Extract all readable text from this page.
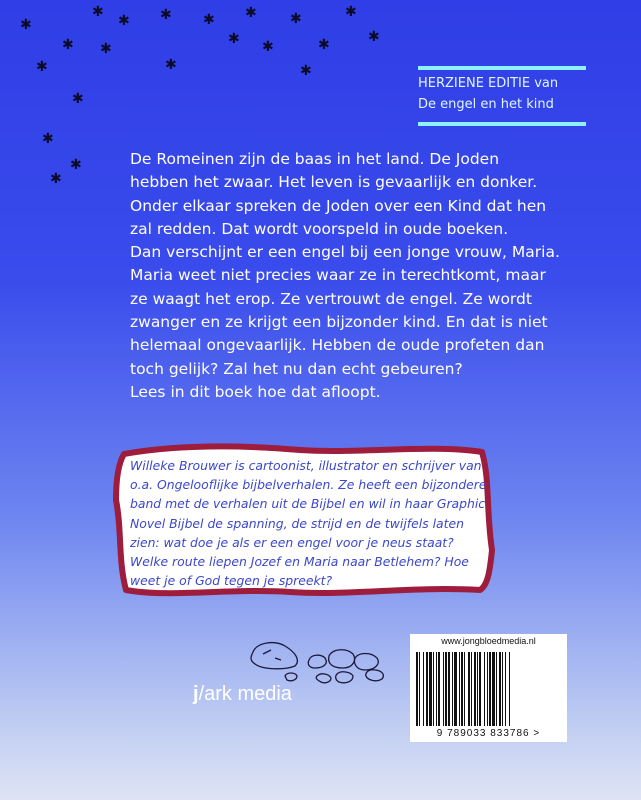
✱
✱	✱ ✱ ✱ ✱ ✱	✱
✱ ✱
✱ ✱	✱	✱
✱	✱	✱
✱
✱
✱
✱
HERZIENE EDITIE van
De engel en het kind

De Romeinen zijn de baas in het land. De Joden hebben het zwaar. Het leven is gevaarlijk en donker. Onder elkaar spreken de Joden over een Kind dat hen zal redden. Dat wordt voorspeld in oude boeken.

Dan verschijnt er een engel bij een jonge vrouw, Maria. Maria weet niet precies waar ze in terechtkomt, maar ze waagt het erop. Ze vertrouwt de engel. Ze wordt zwanger en ze krijgt een bijzonder kind. En dat is niet helemaal ongevaarlijk. Hebben de oude profeten dan toch gelijk? Zal het nu dan echt gebeuren?

Lees in dit boek hoe dat afloopt.

Willeke Brouwer is cartoonist, illustrator en schrijver van o.a. Ongelooflijke bijbelverhalen. Ze heeft een bijzondere band met de verhalen uit de Bijbel en wil in haar Graphic Novel Bijbel de spanning, de strijd en de twijfels laten zien: wat doe je als er een engel voor je neus staat? Welke route liepen Jozef en Maria naar Betlehem? Hoe weet je of God tegen je spreekt?
j/ark media
www.jongbloedmedia.nl
9 789033 833786 >
